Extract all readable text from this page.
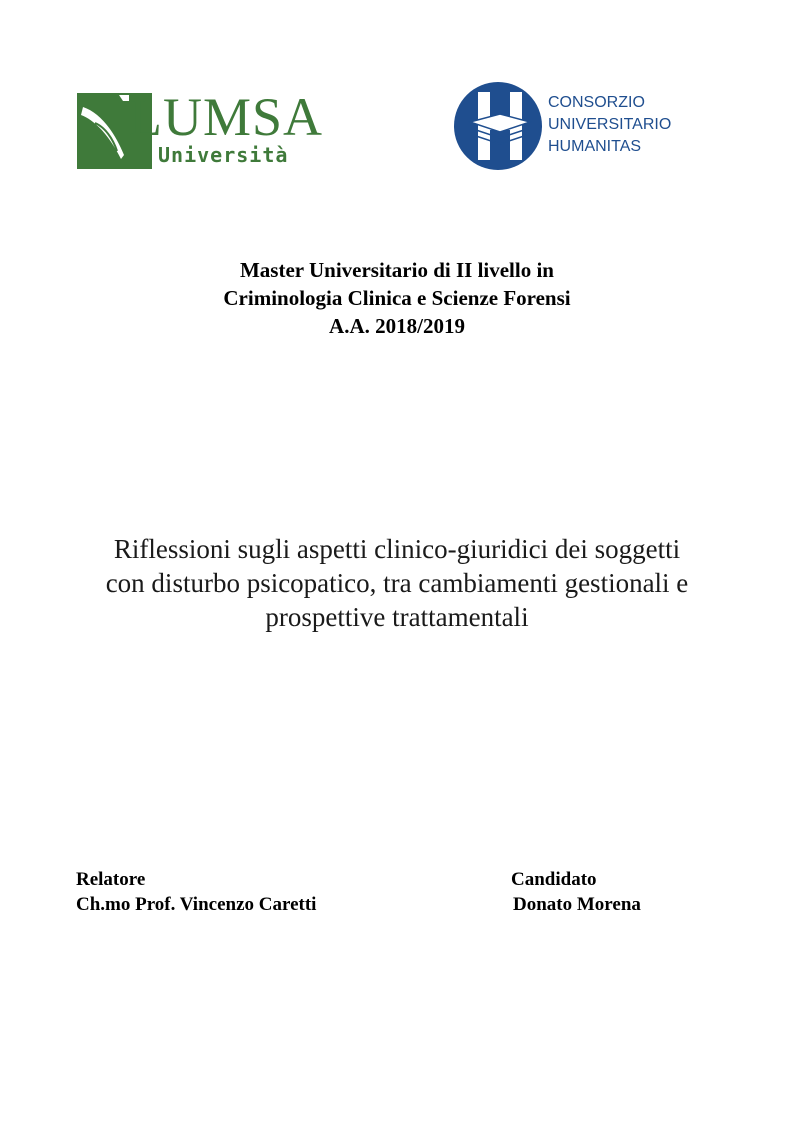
LUMSA
Università
CONSORZIO
UNIVERSITARIO
HUMANITAS
Master Universitario di II livello in
Criminologia Clinica e Scienze Forensi
A.A. 2018/2019
Riflessioni sugli aspetti clinico-giuridici dei soggetti
con disturbo psicopatico, tra cambiamenti gestionali e
prospettive trattamentali
Relatore
Ch.mo Prof. Vincenzo Caretti
Candidato
Donato Morena
